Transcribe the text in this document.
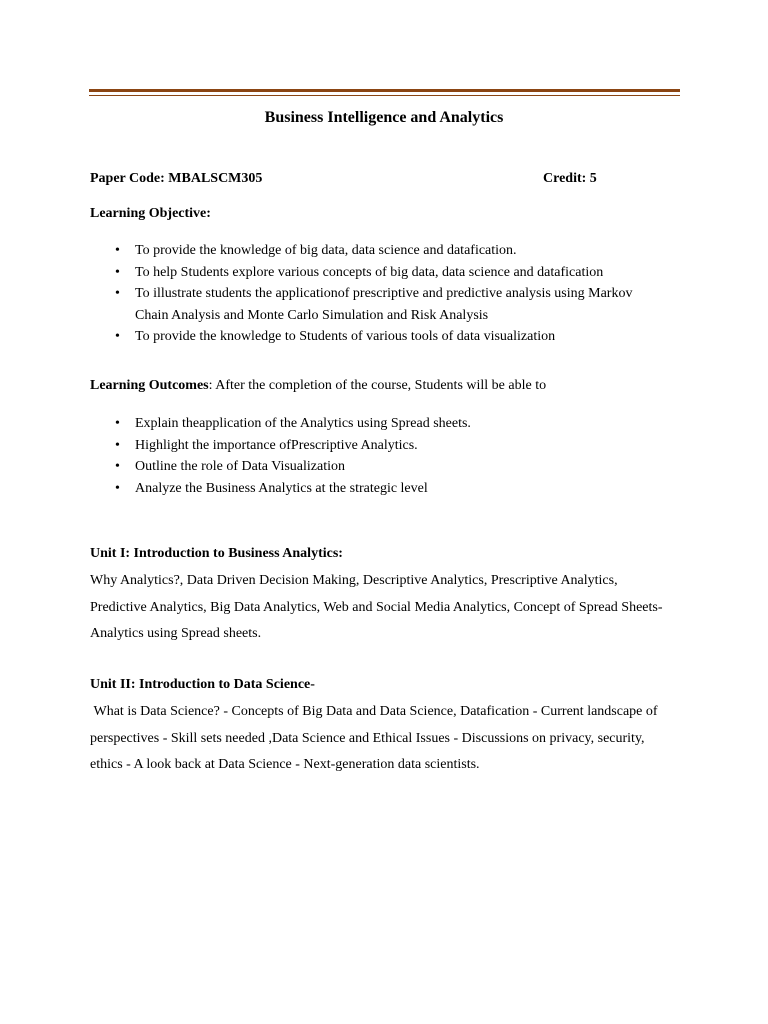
Business Intelligence and Analytics
Paper Code: MBALSCM305	Credit: 5
Learning Objective:
• To provide the knowledge of big data, data science and datafication.
• To help Students explore various concepts of big data, data science and datafication
• To illustrate students the applicationof prescriptive and predictive analysis using Markov Chain Analysis and Monte Carlo Simulation and Risk Analysis
• To provide the knowledge to Students of various tools of data visualization
Learning Outcomes: After the completion of the course, Students will be able to
• Explain theapplication of the Analytics using Spread sheets.
• Highlight the importance ofPrescriptive Analytics.
• Outline the role of Data Visualization
• Analyze the Business Analytics at the strategic level
Unit I: Introduction to Business Analytics:
Why Analytics?, Data Driven Decision Making, Descriptive Analytics, Prescriptive Analytics, Predictive Analytics, Big Data Analytics, Web and Social Media Analytics, Concept of Spread Sheets- Analytics using Spread sheets.
Unit II: Introduction to Data Science-
What is Data Science? - Concepts of Big Data and Data Science, Datafication - Current landscape of perspectives - Skill sets needed ,Data Science and Ethical Issues - Discussions on privacy, security, ethics - A look back at Data Science - Next-generation data scientists.
